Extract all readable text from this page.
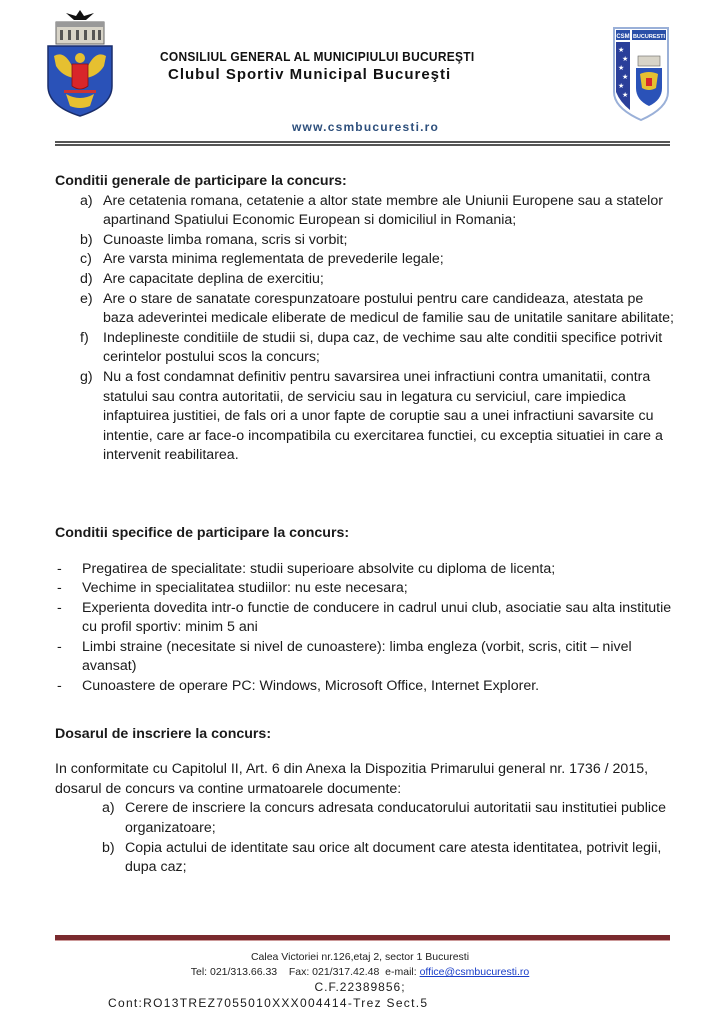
CONSILIUL GENERAL AL MUNICIPIULUI BUCUREŞTI
Clubul Sportiv Municipal Bucureşti
CSM BUCURESTI
★
★
★
★
★
★
www.csmbucuresti.ro
Conditii generale de participare la concurs:
a) Are cetatenia romana, cetatenie a altor state membre ale Uniunii Europene sau a statelor apartinand Spatiului Economic European si domiciliul in Romania;
b) Cunoaste limba romana, scris si vorbit;
c) Are varsta minima reglementata de prevederile legale;
d) Are capacitate deplina de exercitiu;
e) Are o stare de sanatate corespunzatoare postului pentru care candideaza, atestata pe baza adeverintei medicale eliberate de medicul de familie sau de unitatile sanitare abilitate;
f) Indeplineste conditiile de studii si, dupa caz, de vechime sau alte conditii specifice potrivit cerintelor postului scos la concurs;
g) Nu a fost condamnat definitiv pentru savarsirea unei infractiuni contra umanitatii, contra statului sau contra autoritatii, de serviciu sau in legatura cu serviciul, care impiedica infaptuirea justitiei, de fals ori a unor fapte de coruptie sau a unei infractiuni savarsite cu intentie, care ar face-o incompatibila cu exercitarea functiei, cu exceptia situatiei in care a intervenit reabilitarea.
Conditii specifice de participare la concurs:
- Pregatirea de specialitate: studii superioare absolvite cu diploma de licenta;
- Vechime in specialitatea studiilor: nu este necesara;
- Experienta dovedita intr-o functie de conducere in cadrul unui club, asociatie sau alta institutie cu profil sportiv: minim 5 ani
- Limbi straine (necesitate si nivel de cunoastere): limba engleza (vorbit, scris, citit – nivel avansat)
- Cunoastere de operare PC: Windows, Microsoft Office, Internet Explorer.
Dosarul de inscriere la concurs:
In conformitate cu Capitolul II, Art. 6 din Anexa la Dispozitia Primarului general nr. 1736 / 2015, dosarul de concurs va contine urmatoarele documente:
a) Cerere de inscriere la concurs adresata conducatorului autoritatii sau institutiei publice organizatoare;
b) Copia actului de identitate sau orice alt document care atesta identitatea, potrivit legii, dupa caz;
Calea Victoriei nr.126,etaj 2, sector 1 Bucuresti
Tel: 021/313.66.33 Fax: 021/317.42.48 e-mail: office@csmbucuresti.ro
C.F.22389856;
Cont:RO13TREZ7055010XXX004414-Trez Sect.5
